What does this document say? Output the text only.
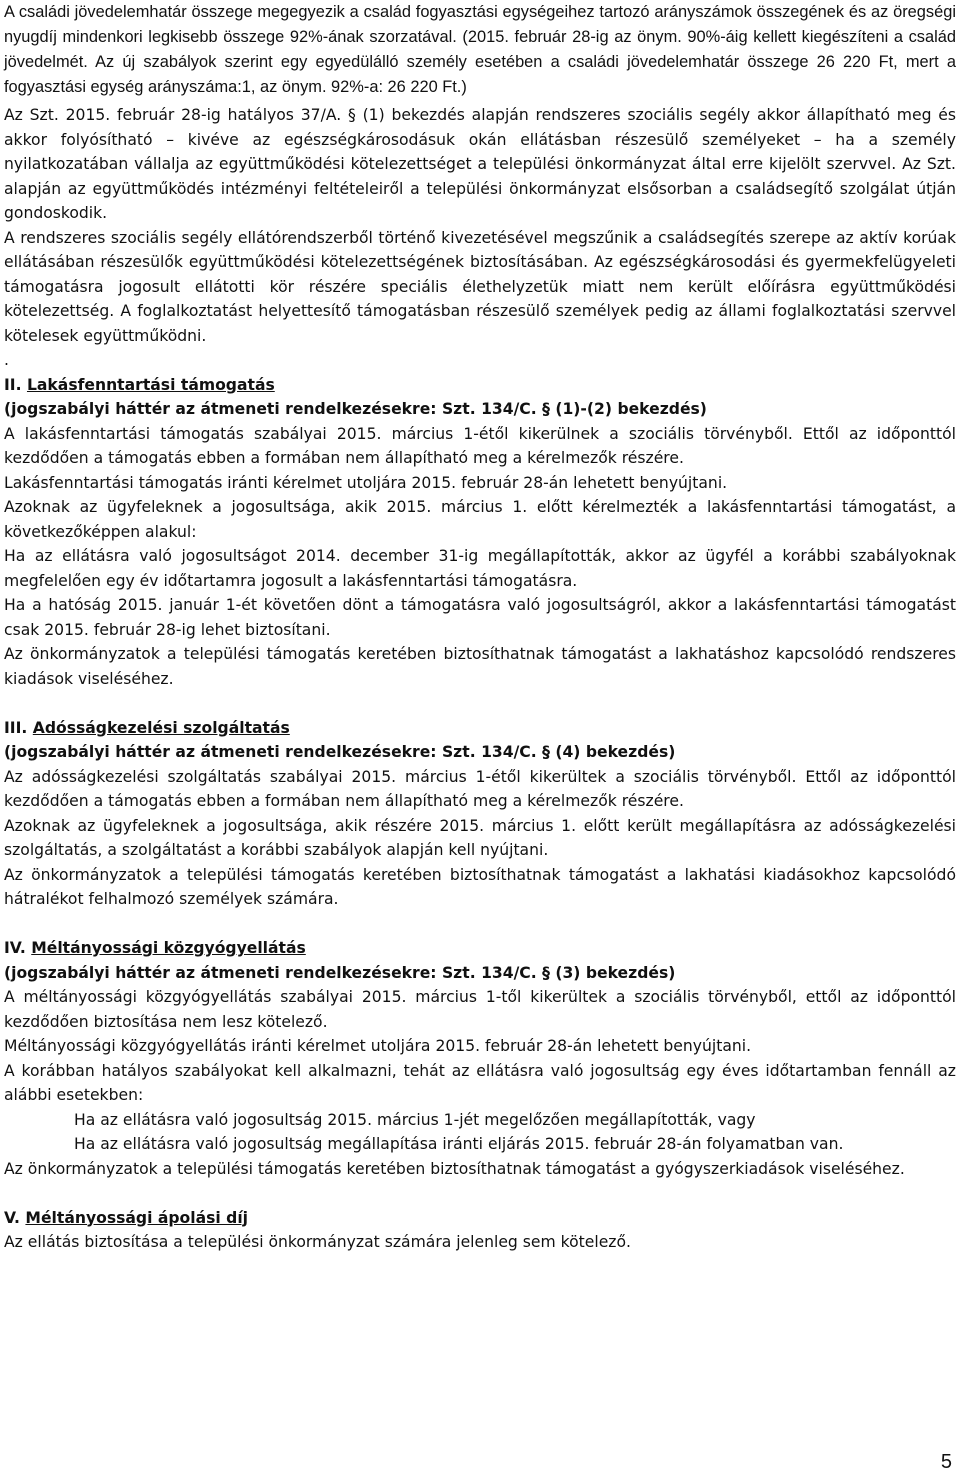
A családi jövedelemhatár összege megegyezik a család fogyasztási egységeihez tartozó arányszámok összegének és az öregségi nyugdíj mindenkori legkisebb összege 92%-ának szorzatával. (2015. február 28-ig az önym. 90%-áig kellett kiegészíteni a család jövedelmét. Az új szabályok szerint egy egyedülálló személy esetében a családi jövedelemhatár összege 26 220 Ft, mert a fogyasztási egység arányszáma:1, az önym. 92%-a: 26 220 Ft.)

Az Szt. 2015. február 28-ig hatályos 37/A. § (1) bekezdés alapján rendszeres szociális segély akkor állapítható meg és akkor folyósítható – kivéve az egészségkárosodásuk okán ellátásban részesülő személyeket – ha a személy nyilatkozatában vállalja az együttműködési kötelezettséget a települési önkormányzat által erre kijelölt szervvel. Az Szt. alapján az együttműködés intézményi feltételeiről a települési önkormányzat elsősorban a családsegítő szolgálat útján gondoskodik.

A rendszeres szociális segély ellátórendszerből történő kivezetésével megszűnik a családsegítés szerepe az aktív korúak ellátásában részesülők együttműködési kötelezettségének biztosításában. Az egészségkárosodási és gyermekfelügyeleti támogatásra jogosult ellátotti kör részére speciális élethelyzetük miatt nem került előírásra együttműködési kötelezettség. A foglalkoztatást helyettesítő támogatásban részesülő személyek pedig az állami foglalkoztatási szervvel kötelesek együttműködni.

.

II. Lakásfenntartási támogatás

(jogszabályi háttér az átmeneti rendelkezésekre: Szt. 134/C. § (1)-(2) bekezdés)

A lakásfenntartási támogatás szabályai 2015. március 1-étől kikerülnek a szociális törvényből. Ettől az időponttól kezdődően a támogatás ebben a formában nem állapítható meg a kérelmezők részére.

Lakásfenntartási támogatás iránti kérelmet utoljára 2015. február 28-án lehetett benyújtani.

Azoknak az ügyfeleknek a jogosultsága, akik 2015. március 1. előtt kérelmezték a lakásfenntartási támogatást, a következőképpen alakul:

Ha az ellátásra való jogosultságot 2014. december 31-ig megállapították, akkor az ügyfél a korábbi szabályoknak megfelelően egy év időtartamra jogosult a lakásfenntartási támogatásra.

Ha a hatóság 2015. január 1-ét követően dönt a támogatásra való jogosultságról, akkor a lakásfenntartási támogatást csak 2015. február 28-ig lehet biztosítani.

Az önkormányzatok a települési támogatás keretében biztosíthatnak támogatást a lakhatáshoz kapcsolódó rendszeres kiadások viseléséhez.

III. Adósságkezelési szolgáltatás

(jogszabályi háttér az átmeneti rendelkezésekre: Szt. 134/C. § (4) bekezdés)

Az adósságkezelési szolgáltatás szabályai 2015. március 1-étől kikerültek a szociális törvényből. Ettől az időponttól kezdődően a támogatás ebben a formában nem állapítható meg a kérelmezők részére.

Azoknak az ügyfeleknek a jogosultsága, akik részére 2015. március 1. előtt került megállapításra az adósságkezelési szolgáltatás, a szolgáltatást a korábbi szabályok alapján kell nyújtani.

Az önkormányzatok a települési támogatás keretében biztosíthatnak támogatást a lakhatási kiadásokhoz kapcsolódó hátralékot felhalmozó személyek számára.

IV. Méltányossági közgyógyellátás

(jogszabályi háttér az átmeneti rendelkezésekre: Szt. 134/C. § (3) bekezdés)

A méltányossági közgyógyellátás szabályai 2015. március 1-től kikerültek a szociális törvényből, ettől az időponttól kezdődően biztosítása nem lesz kötelező.

Méltányossági közgyógyellátás iránti kérelmet utoljára 2015. február 28-án lehetett benyújtani.

A korábban hatályos szabályokat kell alkalmazni, tehát az ellátásra való jogosultság egy éves időtartamban fennáll az alábbi esetekben:

Ha az ellátásra való jogosultság 2015. március 1-jét megelőzően megállapították, vagy

Ha az ellátásra való jogosultság megállapítása iránti eljárás 2015. február 28-án folyamatban van.

Az önkormányzatok a települési támogatás keretében biztosíthatnak támogatást a gyógyszerkiadások viseléséhez.

V. Méltányossági ápolási díj

Az ellátás biztosítása a települési önkormányzat számára jelenleg sem kötelező.

5
